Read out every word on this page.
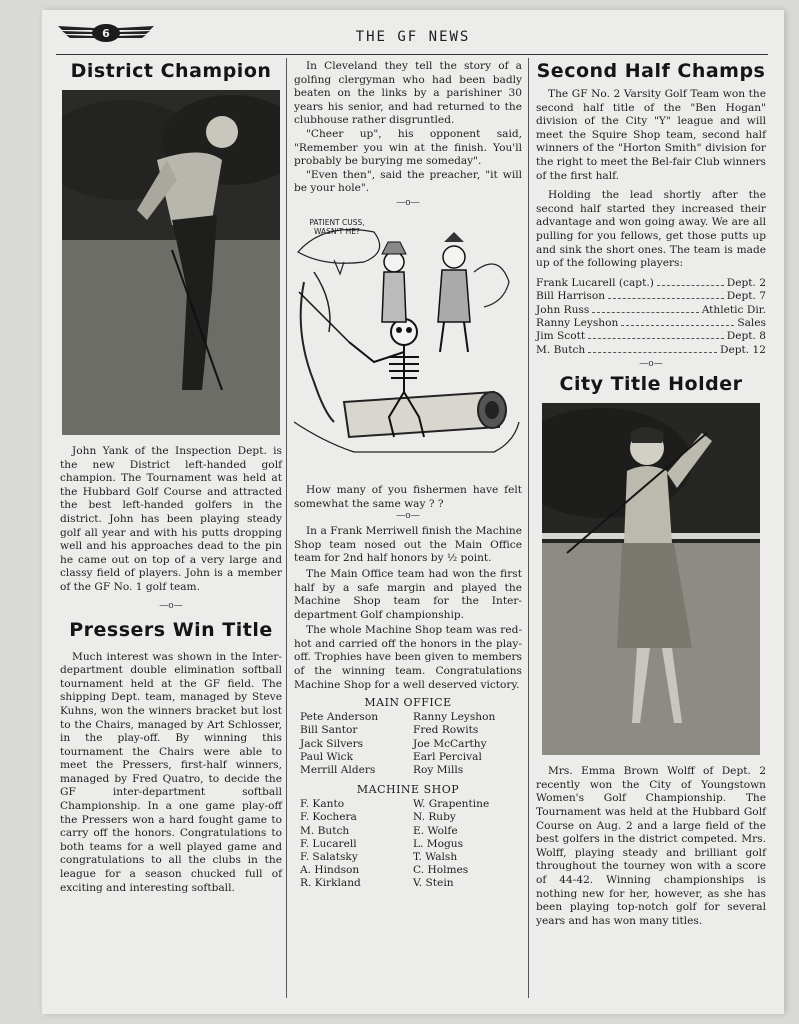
6	THE GF NEWS
District Champion

John Yank of the Inspection Dept. is the new District left-handed golf champion. The Tournament was held at the Hubbard Golf Course and attracted the best left-handed golfers in the district. John has been playing steady golf all year and with his putts dropping well and his approaches dead to the pin he came out on top of a very large and classy field of players. John is a member of the GF No. 1 golf team.

—o—
Pressers Win Title

Much interest was shown in the Inter-department double elimination softball tournament held at the GF field. The shipping Dept. team, managed by Steve Kuhns, won the winners bracket but lost to the Chairs, managed by Art Schlosser, in the play-off. By winning this tournament the Chairs were able to meet the Pressers, first-half winners, managed by Fred Quatro, to decide the GF inter-department softball Championship. In a one game play-off the Pressers won a hard fought game to carry off the honors. Congratulations to both teams for a well played game and congratulations to all the clubs in the league for a season chucked full of exciting and interesting softball.

In Cleveland they tell the story of a golfing clergyman who had been badly beaten on the links by a parishiner 30 years his senior, and had returned to the clubhouse rather disgruntled.

"Cheer up", his opponent said, "Remember you win at the finish. You'll probably be burying me someday".

"Even then", said the preacher, "it will be your hole".

—o—
PATIENT CUSS, WASN'T HE?

How many of you fishermen have felt somewhat the same way ? ?

—o—

In a Frank Merriwell finish the Machine Shop team nosed out the Main Office team for 2nd half honors by ½ point.

The Main Office team had won the first half by a safe margin and played the Machine Shop team for the Inter-department Golf championship.

The whole Machine Shop team was red-hot and carried off the honors in the play-off. Trophies have been given to members of the winning team. Congratulations Machine Shop for a well deserved victory.

MAIN OFFICE
Pete Anderson	Ranny Leyshon
Bill Santor	Fred Rowits
Jack Silvers	Joe McCarthy
Paul Wick	Earl Percival
Merrill Alders	Roy Mills
MACHINE SHOP
F. Kanto	W. Grapentine
F. Kochera	N. Ruby
M. Butch	E. Wolfe
F. Lucarell	L. Mogus
F. Salatsky	T. Walsh
A. Hindson	C. Holmes
R. Kirkland	V. Stein
Second Half Champs

The GF No. 2 Varsity Golf Team won the second half title of the "Ben Hogan" division of the City "Y" league and will meet the Squire Shop team, second half winners of the "Horton Smith" division for the right to meet the Bel-fair Club winners of the first half.

Holding the lead shortly after the second half started they increased their advantage and won going away. We are all pulling for you fellows, get those putts up and sink the short ones. The team is made up of the following players:

Frank Lucarell (capt.)	Dept. 2
Bill Harrison	Dept. 7
John Russ	Athletic Dir.
Ranny Leyshon	Sales
Jim Scott	Dept. 8
M. Butch	Dept. 12
—o—
City Title Holder

Mrs. Emma Brown Wolff of Dept. 2 recently won the City of Youngstown Women's Golf Championship. The Tournament was held at the Hubbard Golf Course on Aug. 2 and a large field of the best golfers in the district competed. Mrs. Wolff, playing steady and brilliant golf throughout the tourney won with a score of 44-42. Winning championships is nothing new for her, however, as she has been playing top-notch golf for several years and has won many titles.
